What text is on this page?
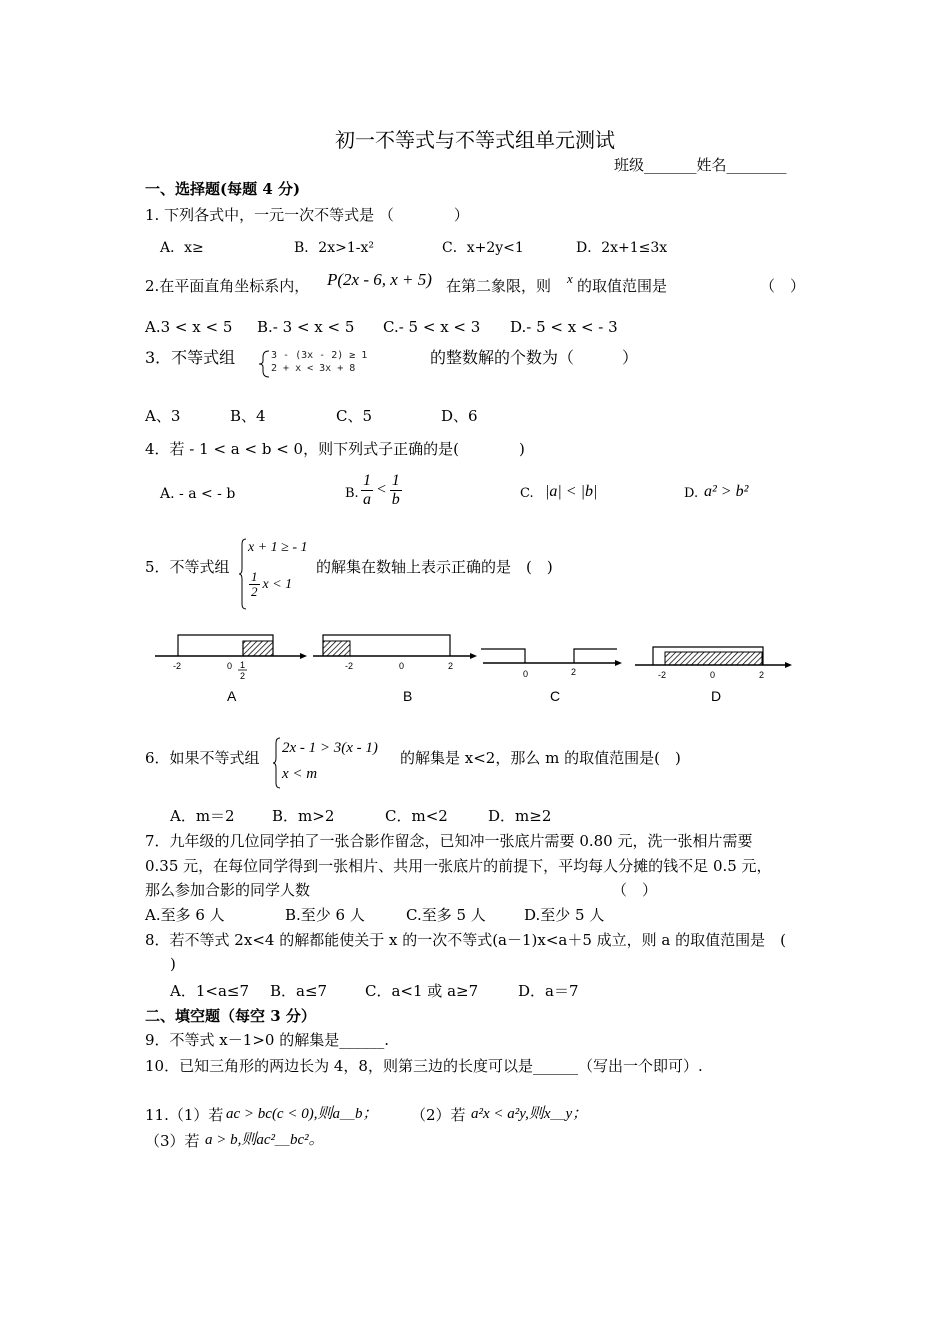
初一不等式与不等式组单元测试
班级_______姓名________
一、选择题(每题 4 分)
1. 下列各式中，一元一次不等式是 （　　　　）
A．x≥	B．2x>1-x²	C．x+2y<1	D．2x+1≤3x
2.在平面直角坐标系内， P(2x - 6, x + 5) 在第二象限，则 x 的取值范围是	（　）
A.3 < x < 5 B.- 3 < x < 5 C.- 5 < x < 3 D.- 5 < x < - 3
3．不等式组	3 - (3x - 2) ≥ 1
2 + x < 3x + 8
的整数解的个数为（　　　）
A、3	B、4	C、5	D、6
4．若 - 1 < a < b < 0，则下列式子正确的是(　　　　)
A. - a < - b	B. $\frac{1}{a} < \frac{1}{b}$	C. |a| < |b|	D. a² > b²
5．不等式组
x + 1 ≥ - 1
$\frac{1}{2}$ x < 1
的解集在数轴上表示正确的是　(　)
-2	0 1
2
A
-2	0	2
B
0	2
C
-2	0	2
D
6．如果不等式组
2x - 1 > 3(x - 1)
x < m
的解集是 x<2，那么 m 的取值范围是(　)
A．m＝2 B．m>2	C．m<2	D．m≥2
7．九年级的几位同学拍了一张合影作留念，已知冲一张底片需要 0.80 元，洗一张相片需要
0.35 元，在每位同学得到一张相片、共用一张底片的前提下，平均每人分摊的钱不足 0.5 元，
那么参加合影的同学人数	（　）
A.至多 6 人	B.至少 6 人	C.至多 5 人	D.至少 5 人
8．若不等式 2x<4 的解都能使关于 x 的一次不等式(a－1)x<a＋5 成立，则 a 的取值范围是　(
)
A．1<a≤7 B．a≤7	C．a<1 或 a≥7	D．a＝7
二、填空题（每空 3 分）
9．不等式 x－1>0 的解集是______.
10．已知三角形的两边长为 4，8，则第三边的长度可以是______（写出一个即可）.
11.（1）若 ac > bc(c < 0),则a＿b； （2）若 a²x < a²y,则x＿y；
（3）若 a > b,则ac²＿bc²。
